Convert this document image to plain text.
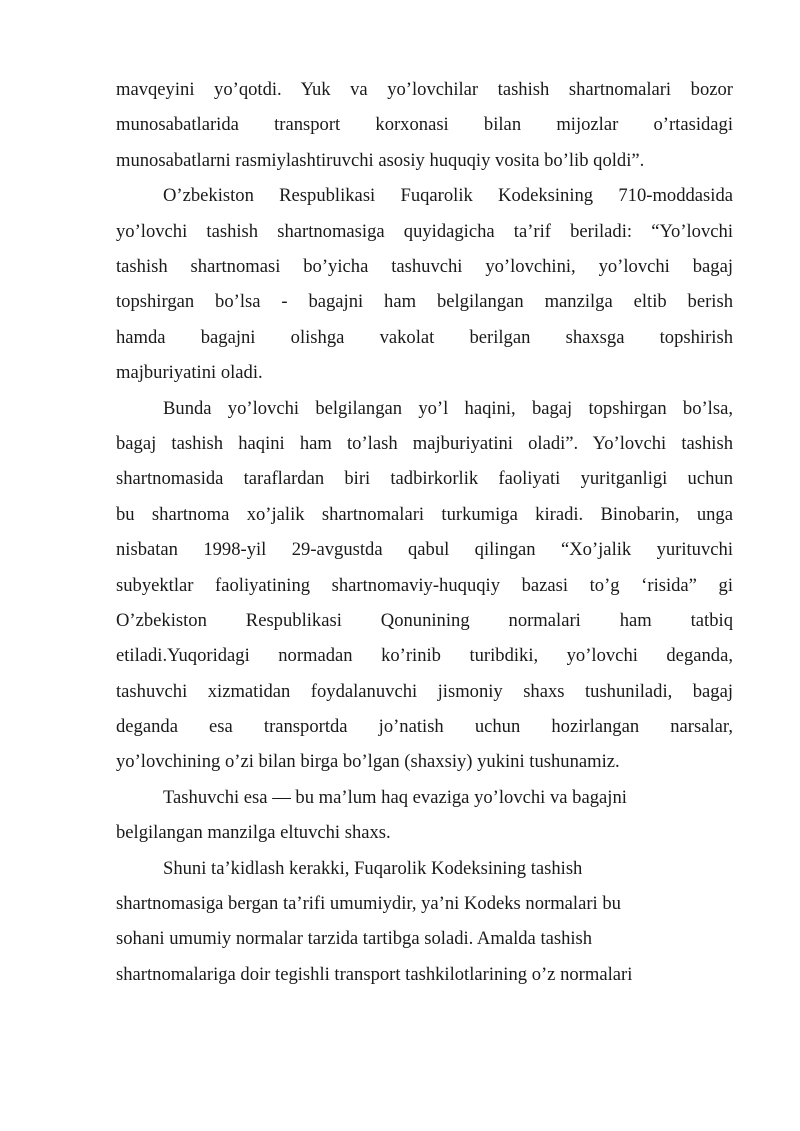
mavqeyini yo’qotdi. Yuk va yo’lovchilar tashish shartnomalari bozor
munosabatlarida transport korxonasi bilan mijozlar o’rtasidagi
munosabatlarni rasmiylashtiruvchi asosiy huquqiy vosita bo’lib qoldi”.
O’zbekiston Respublikasi Fuqarolik Kodeksining 710-moddasida
yo’lovchi tashish shartnomasiga quyidagicha ta’rif beriladi: “Yo’lovchi
tashish shartnomasi bo’yicha tashuvchi yo’lovchini, yo’lovchi bagaj
topshirgan bo’lsa - bagajni ham belgilangan manzilga eltib berish
hamda bagajni olishga vakolat berilgan shaxsga topshirish
majburiyatini oladi.
Bunda yo’lovchi belgilangan yo’l haqini, bagaj topshirgan bo’lsa,
bagaj tashish haqini ham to’lash majburiyatini oladi”. Yo’lovchi tashish
shartnomasida taraflardan biri tadbirkorlik faoliyati yuritganligi uchun
bu shartnoma xo’jalik shartnomalari turkumiga kiradi. Binobarin, unga
nisbatan 1998-yil 29-avgustda qabul qilingan “Xo’jalik yurituvchi
subyektlar faoliyatining shartnomaviy-huquqiy bazasi to’g ‘risida” gi
O’zbekiston Respublikasi Qonunining normalari ham tatbiq
etiladi.Yuqoridagi normadan ko’rinib turibdiki, yo’lovchi deganda,
tashuvchi xizmatidan foydalanuvchi jismoniy shaxs tushuniladi, bagaj
deganda esa transportda jo’natish uchun hozirlangan narsalar,
yo’lovchining o’zi bilan birga bo’lgan (shaxsiy) yukini tushunamiz.
Tashuvchi esa — bu ma’lum haq evaziga yo’lovchi va bagajni
belgilangan manzilga eltuvchi shaxs.
Shuni ta’kidlash kerakki, Fuqarolik Kodeksining tashish
shartnomasiga bergan ta’rifi umumiydir, ya’ni Kodeks normalari bu
sohani umumiy normalar tarzida tartibga soladi. Amalda tashish
shartnomalariga doir tegishli transport tashkilotlarining o’z normalari
